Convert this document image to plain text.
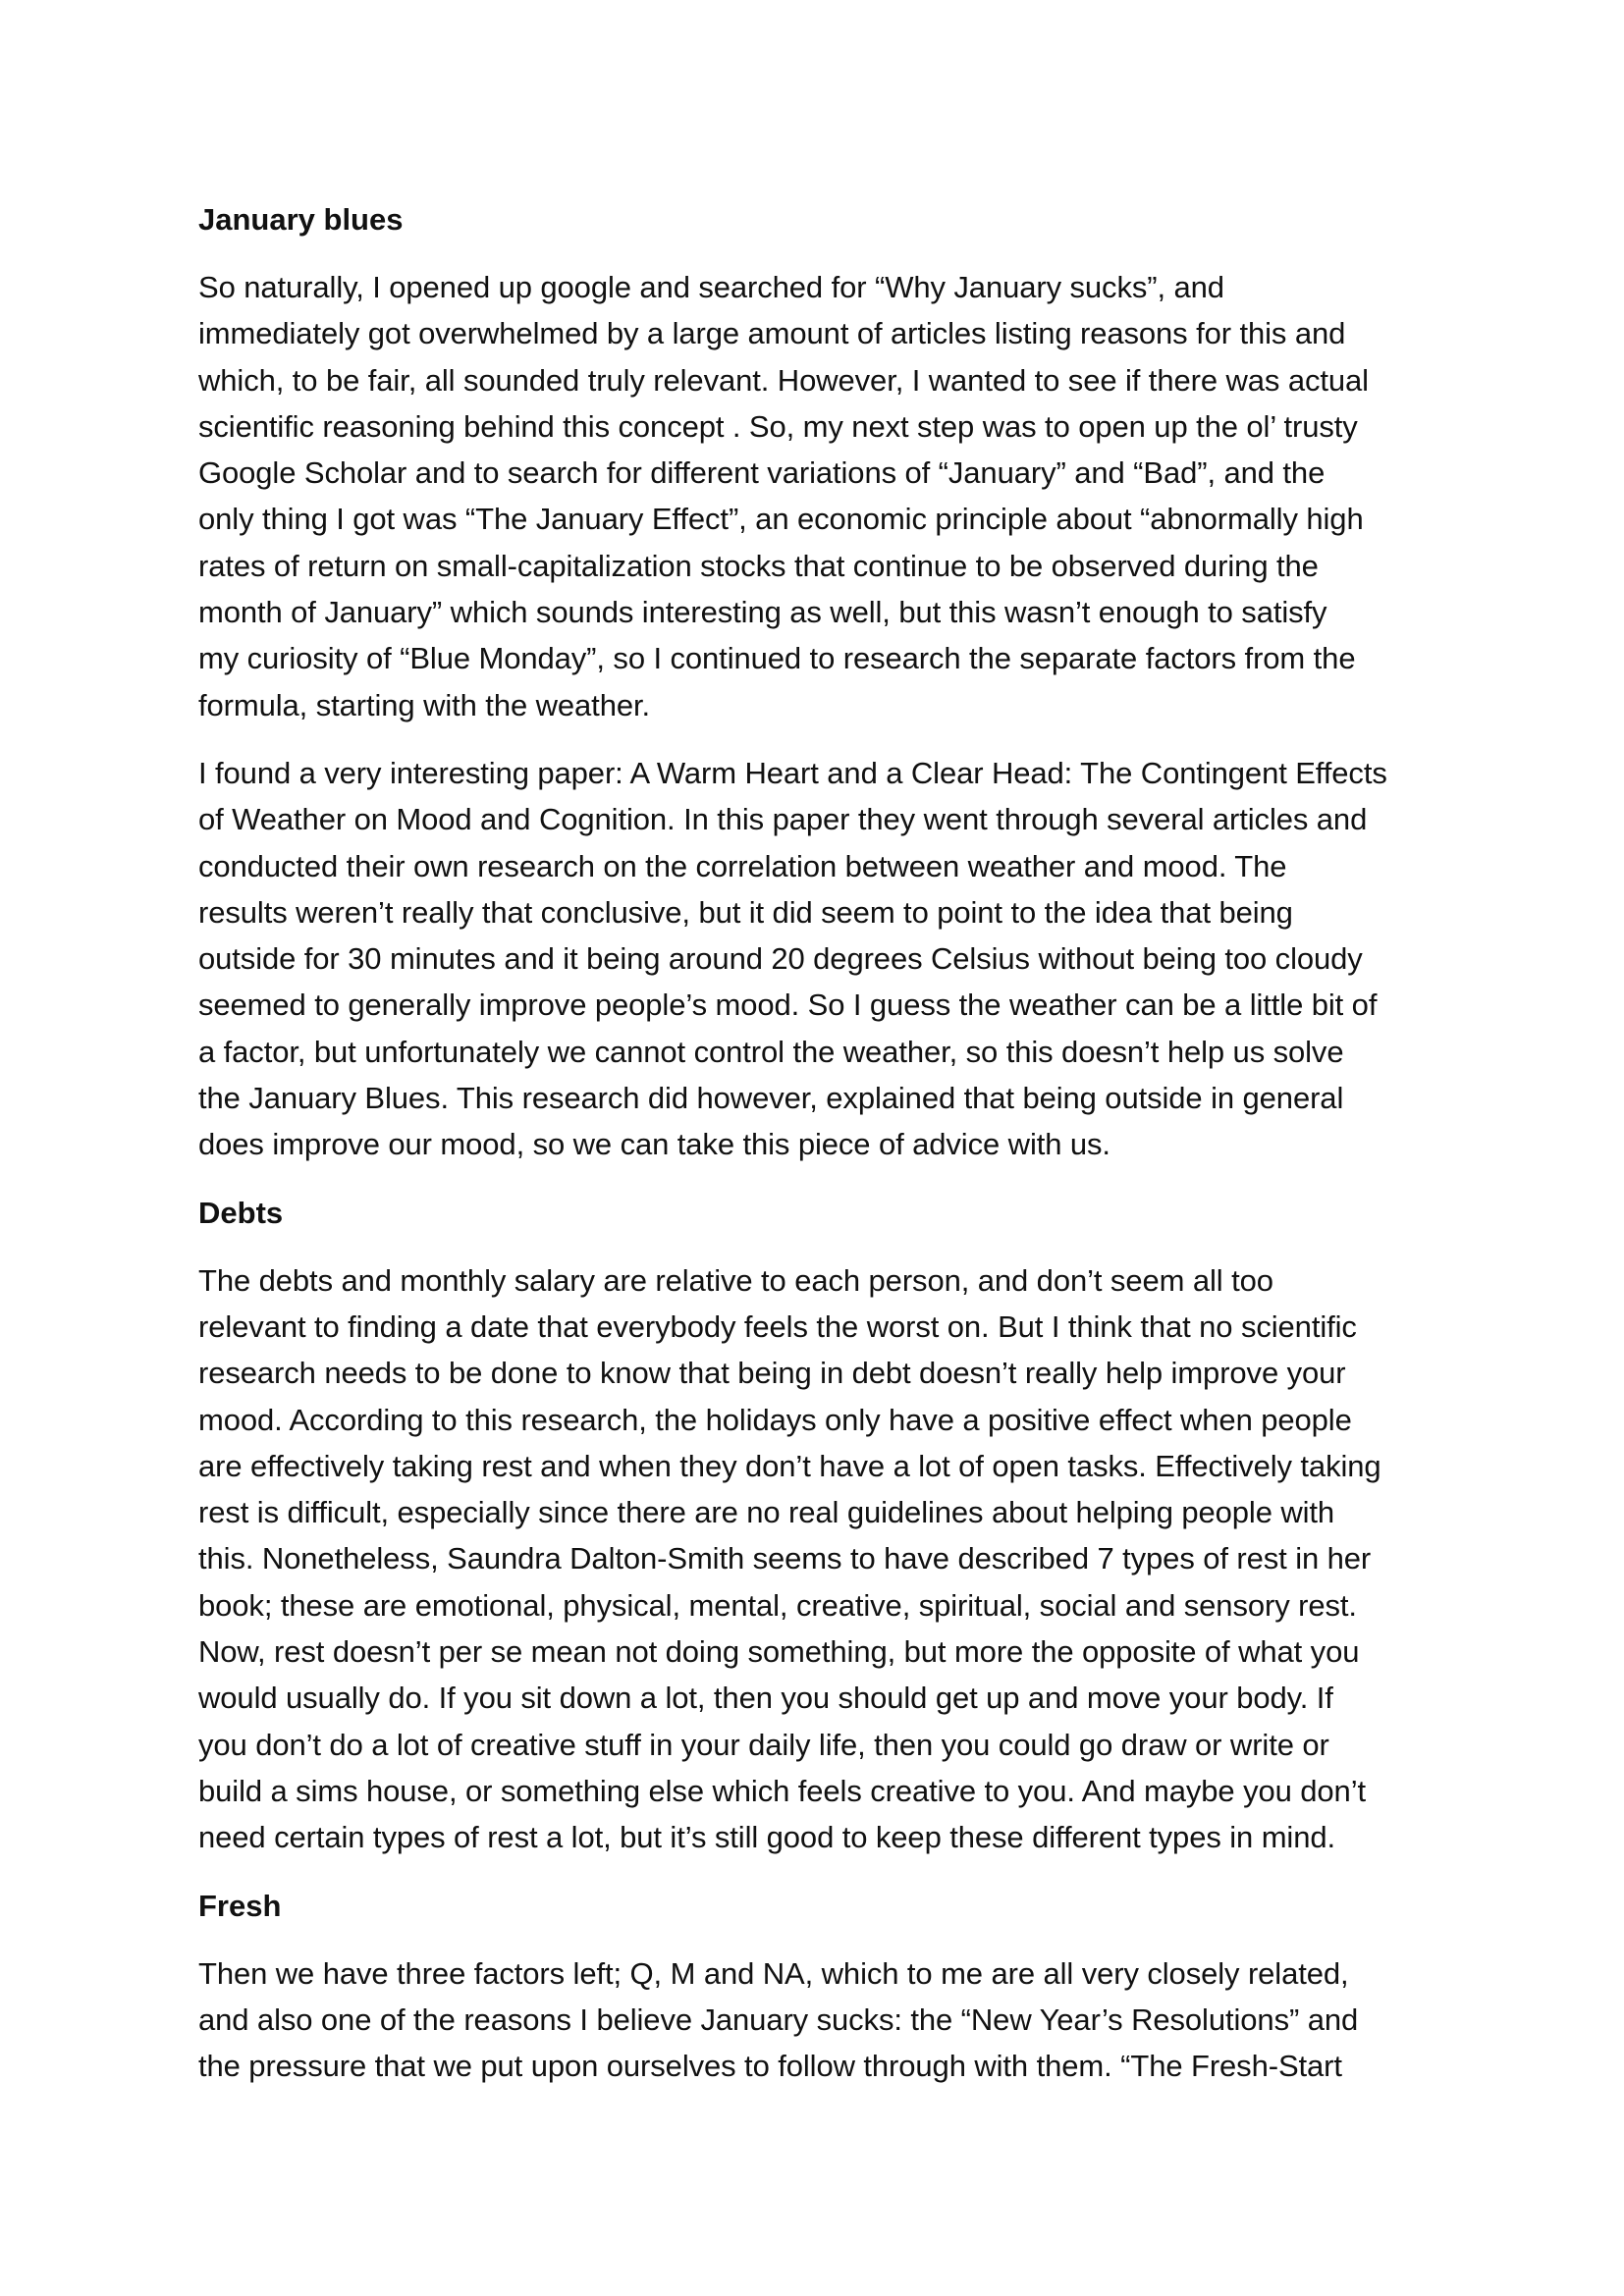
January blues
So naturally, I opened up google and searched for “Why January sucks”, and
immediately got overwhelmed by a large amount of articles listing reasons for this and
which, to be fair, all sounded truly relevant. However, I wanted to see if there was actual
scientific reasoning behind this concept . So, my next step was to open up the ol’ trusty
Google Scholar and to search for different variations of “January” and “Bad”, and the
only thing I got was “The January Effect”, an economic principle about “abnormally high
rates of return on small-capitalization stocks that continue to be observed during the
month of January” which sounds interesting as well, but this wasn’t enough to satisfy
my curiosity of “Blue Monday”, so I continued to research the separate factors from the
formula, starting with the weather.
I found a very interesting paper: A Warm Heart and a Clear Head: The Contingent Effects
of Weather on Mood and Cognition. In this paper they went through several articles and
conducted their own research on the correlation between weather and mood. The
results weren’t really that conclusive, but it did seem to point to the idea that being
outside for 30 minutes and it being around 20 degrees Celsius without being too cloudy
seemed to generally improve people’s mood. So I guess the weather can be a little bit of
a factor, but unfortunately we cannot control the weather, so this doesn’t help us solve
the January Blues. This research did however, explained that being outside in general
does improve our mood, so we can take this piece of advice with us.
Debts
The debts and monthly salary are relative to each person, and don’t seem all too
relevant to finding a date that everybody feels the worst on. But I think that no scientific
research needs to be done to know that being in debt doesn’t really help improve your
mood. According to this research, the holidays only have a positive effect when people
are effectively taking rest and when they don’t have a lot of open tasks. Effectively taking
rest is difficult, especially since there are no real guidelines about helping people with
this. Nonetheless, Saundra Dalton-Smith seems to have described 7 types of rest in her
book; these are emotional, physical, mental, creative, spiritual, social and sensory rest.
Now, rest doesn’t per se mean not doing something, but more the opposite of what you
would usually do. If you sit down a lot, then you should get up and move your body. If
you don’t do a lot of creative stuff in your daily life, then you could go draw or write or
build a sims house, or something else which feels creative to you. And maybe you don’t
need certain types of rest a lot, but it’s still good to keep these different types in mind.
Fresh
Then we have three factors left; Q, M and NA, which to me are all very closely related,
and also one of the reasons I believe January sucks: the “New Year’s Resolutions” and
the pressure that we put upon ourselves to follow through with them. “The Fresh-Start
